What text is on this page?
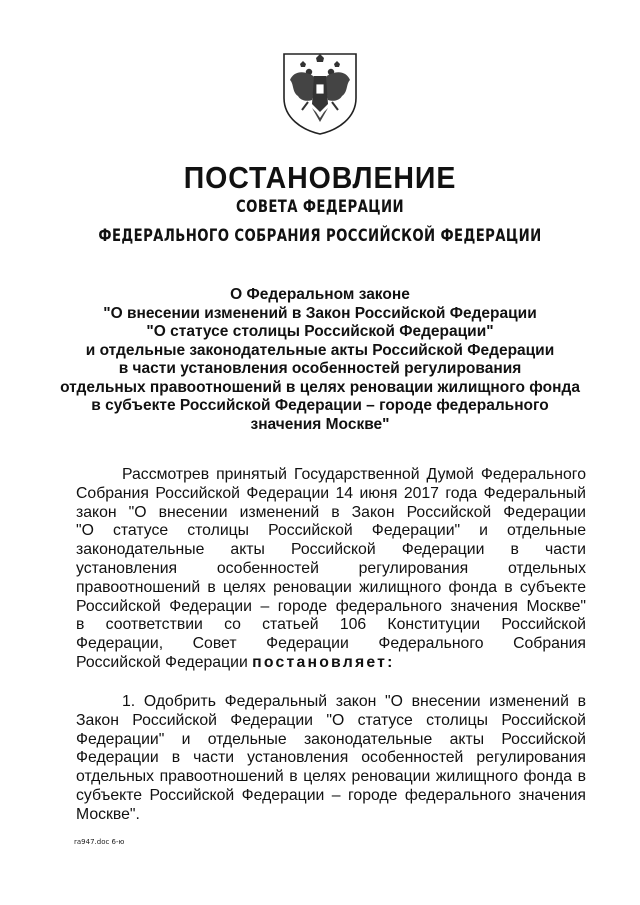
ПОСТАНОВЛЕНИЕ
СОВЕТА ФЕДЕРАЦИИ
ФЕДЕРАЛЬНОГО СОБРАНИЯ РОССИЙСКОЙ ФЕДЕРАЦИИ
О Федеральном законе
"О внесении изменений в Закон Российской Федерации
"О статусе столицы Российской Федерации"
и отдельные законодательные акты Российской Федерации
в части установления особенностей регулирования
отдельных правоотношений в целях реновации жилищного фонда
в субъекте Российской Федерации – городе федерального
значения Москве"
Рассмотрев принятый Государственной Думой Федерального
Собрания Российской Федерации 14 июня 2017 года Федеральный
закон "О внесении изменений в Закон Российской Федерации
"О статусе столицы Российской Федерации" и отдельные
законодательные акты Российской Федерации в части
установления особенностей регулирования отдельных
правоотношений в целях реновации жилищного фонда в субъекте
Российской Федерации – городе федерального значения Москве"
в соответствии со статьей 106 Конституции Российской
Федерации, Совет Федерации Федерального Собрания
Российской Федерации постановляет:
1. Одобрить Федеральный закон "О внесении изменений в
Закон Российской Федерации "О статусе столицы Российской
Федерации" и отдельные законодательные акты Российской
Федерации в части установления особенностей регулирования
отдельных правоотношений в целях реновации жилищного фонда в
субъекте Российской Федерации – городе федерального значения
Москве".
ra947.doc 6-ю
